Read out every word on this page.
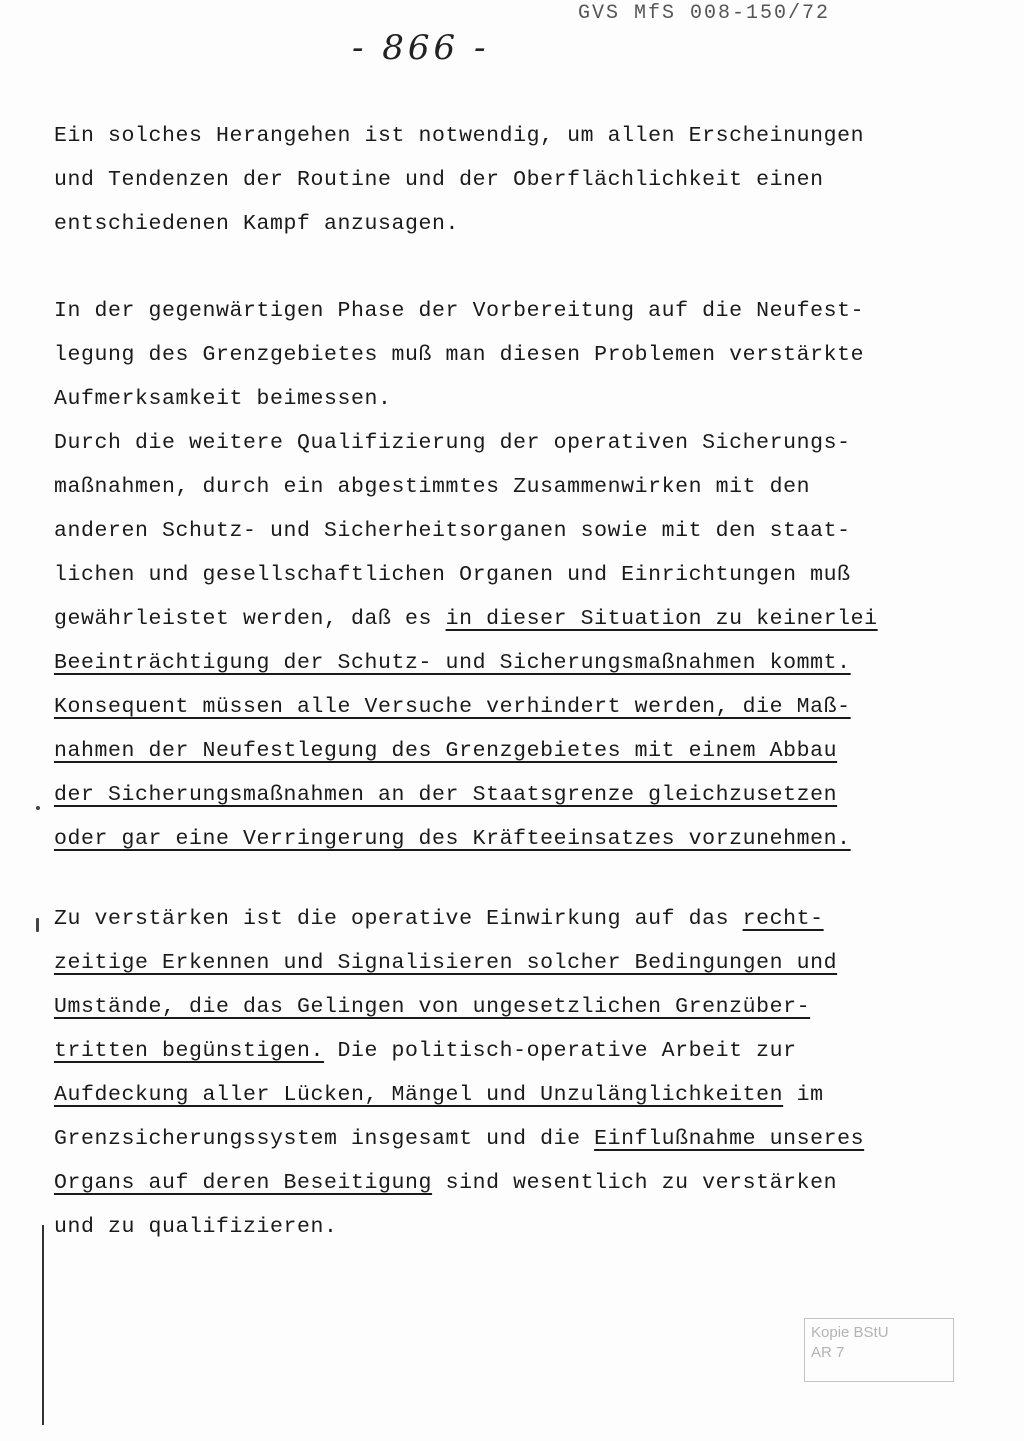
GVS MfS 008-150/72
- 866 -
Ein solches Herangehen ist notwendig, um allen Erscheinungen
und Tendenzen der Routine und der Oberflächlichkeit einen
entschiedenen Kampf anzusagen.
In der gegenwärtigen Phase der Vorbereitung auf die Neufest-
legung des Grenzgebietes muß man diesen Problemen verstärkte
Aufmerksamkeit beimessen.
Durch die weitere Qualifizierung der operativen Sicherungs-
maßnahmen, durch ein abgestimmtes Zusammenwirken mit den
anderen Schutz- und Sicherheitsorganen sowie mit den staat-
lichen und gesellschaftlichen Organen und Einrichtungen muß
gewährleistet werden, daß es in dieser Situation zu keinerlei
Beeinträchtigung der Schutz- und Sicherungsmaßnahmen kommt.
Konsequent müssen alle Versuche verhindert werden, die Maß-
nahmen der Neufestlegung des Grenzgebietes mit einem Abbau
der Sicherungsmaßnahmen an der Staatsgrenze gleichzusetzen
oder gar eine Verringerung des Kräfteeinsatzes vorzunehmen.
Zu verstärken ist die operative Einwirkung auf das recht-
zeitige Erkennen und Signalisieren solcher Bedingungen und
Umstände, die das Gelingen von ungesetzlichen Grenzüber-
tritten begünstigen. Die politisch-operative Arbeit zur
Aufdeckung aller Lücken, Mängel und Unzulänglichkeiten im
Grenzsicherungssystem insgesamt und die Einflußnahme unseres
Organs auf deren Beseitigung sind wesentlich zu verstärken
und zu qualifizieren.
Kopie BStU
AR 7
